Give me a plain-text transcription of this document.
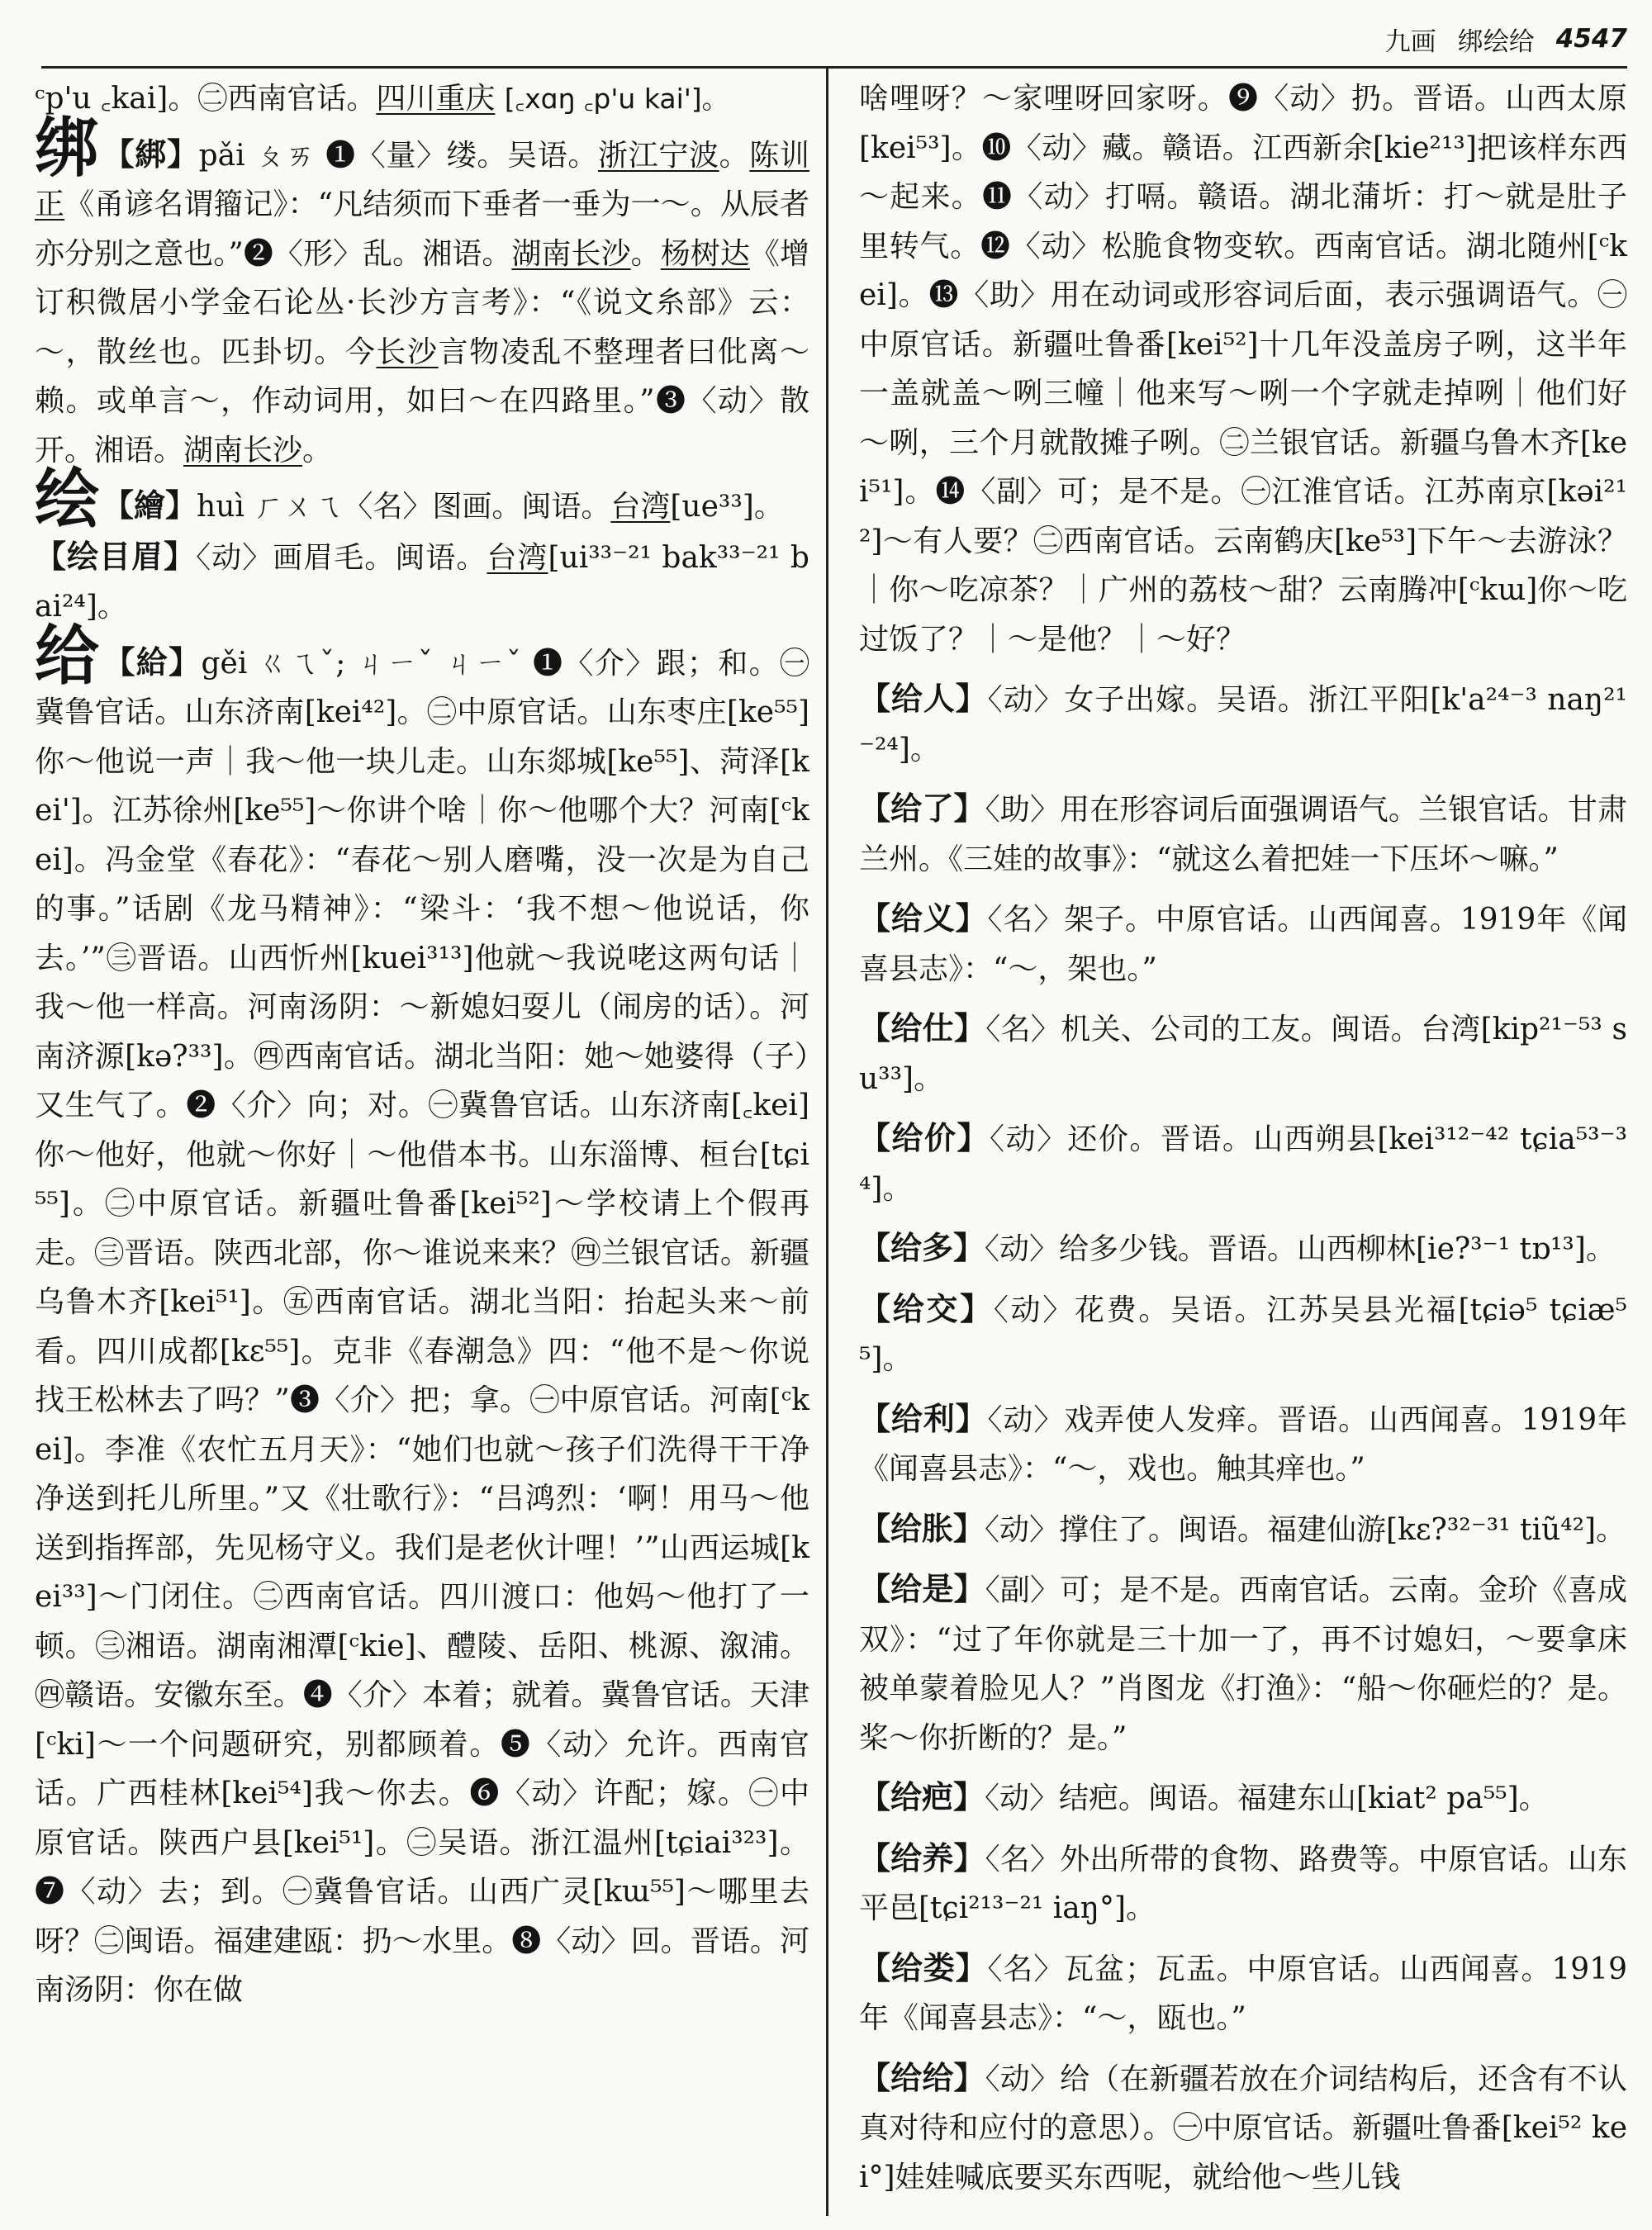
九画 绑绘给 4547

ᶜp'u ꜀kai]。㊁西南官话。四川重庆 [꜀xɑŋ ꜀p'u kai']。

绑 【綁】pǎi ㄆㄞ ❶〈量〉缕。吴语。浙江宁波。陈训正《甬谚名谓籀记》：“凡结须而下垂者一垂为一～。从辰者亦分别之意也。”❷〈形〉乱。湘语。湖南长沙。杨树达《增订积微居小学金石论丛·长沙方言考》：“《说文糸部》云：～，散丝也。匹卦切。今长沙言物凌乱不整理者曰仳离～赖。或单言～，作动词用，如曰～在四路里。”❸〈动〉散开。湘语。湖南长沙。

绘 【繪】huì ㄏㄨㄟ〈名〉图画。闽语。台湾[ue³³]。

【绘目眉】〈动〉画眉毛。闽语。台湾[ui³³⁻²¹ bak³³⁻²¹ bai²⁴]。

给 【給】gěi ㄍㄟˇ; ㄐㄧˇ ㄐㄧˇ ❶〈介〉跟；和。㊀冀鲁官话。山东济南[kei⁴²]。㊁中原官话。山东枣庄[ke⁵⁵]你～他说一声｜我～他一块儿走。山东郯城[ke⁵⁵]、菏泽[kei']。江苏徐州[ke⁵⁵]～你讲个啥｜你～他哪个大？河南[ᶜkei]。冯金堂《春花》：“春花～别人磨嘴，没一次是为自己的事。”话剧《龙马精神》：“梁斗：‘我不想～他说话，你去。’”㊂晋语。山西忻州[kuei³¹³]他就～我说咾这两句话｜我～他一样高。河南汤阴：～新媳妇耍儿（闹房的话）。河南济源[kə?³³]。㊃西南官话。湖北当阳：她～她婆得（子）又生气了。❷〈介〉向；对。㊀冀鲁官话。山东济南[꜀kei]你～他好，他就～你好｜～他借本书。山东淄博、桓台[tɕi⁵⁵]。㊁中原官话。新疆吐鲁番[kei⁵²]～学校请上个假再走。㊂晋语。陕西北部，你～谁说来来？㊃兰银官话。新疆乌鲁木齐[kei⁵¹]。㊄西南官话。湖北当阳：抬起头来～前看。四川成都[kɛ⁵⁵]。克非《春潮急》四：“他不是～你说找王松林去了吗？”❸〈介〉把；拿。㊀中原官话。河南[ᶜkei]。李准《农忙五月天》：“她们也就～孩子们洗得干干净净送到托儿所里。”又《壮歌行》：“吕鸿烈：‘啊！用马～他送到指挥部，先见杨守义。我们是老伙计哩！’”山西运城[kei³³]～门闭住。㊁西南官话。四川渡口：他妈～他打了一顿。㊂湘语。湖南湘潭[ᶜkie]、醴陵、岳阳、桃源、溆浦。㊃赣语。安徽东至。❹〈介〉本着；就着。冀鲁官话。天津[ᶜki]～一个问题研究，别都顾着。❺〈动〉允许。西南官话。广西桂林[kei⁵⁴]我～你去。❻〈动〉许配；嫁。㊀中原官话。陕西户县[kei⁵¹]。㊁吴语。浙江温州[tɕiai³²³]。❼〈动〉去；到。㊀冀鲁官话。山西广灵[kɯ⁵⁵]～哪里去呀？㊁闽语。福建建瓯：扔～水里。❽〈动〉回。晋语。河南汤阴：你在做

啥哩呀？～家哩呀回家呀。❾〈动〉扔。晋语。山西太原[kei⁵³]。❿〈动〉藏。赣语。江西新余[kie²¹³]把该样东西～起来。⓫〈动〉打嗝。赣语。湖北蒲圻：打～就是肚子里转气。⓬〈动〉松脆食物变软。西南官话。湖北随州[ᶜkei]。⓭〈助〉用在动词或形容词后面，表示强调语气。㊀中原官话。新疆吐鲁番[kei⁵²]十几年没盖房子咧，这半年一盖就盖～咧三幢｜他来写～咧一个字就走掉咧｜他们好～咧，三个月就散摊子咧。㊁兰银官话。新疆乌鲁木齐[kei⁵¹]。⓮〈副〉可；是不是。㊀江淮官话。江苏南京[kəi²¹²]～有人要？㊁西南官话。云南鹤庆[ke⁵³]下午～去游泳？｜你～吃凉茶？｜广州的荔枝～甜？云南腾冲[ᶜkɯ]你～吃过饭了？｜～是他？｜～好？

【给人】〈动〉女子出嫁。吴语。浙江平阳[k'a²⁴⁻³ naŋ²¹⁻²⁴]。

【给了】〈助〉用在形容词后面强调语气。兰银官话。甘肃兰州。《三娃的故事》：“就这么着把娃一下压坏～嘛。”

【给义】〈名〉架子。中原官话。山西闻喜。1919年《闻喜县志》：“～，架也。”

【给仕】〈名〉机关、公司的工友。闽语。台湾[kip²¹⁻⁵³ su³³]。

【给价】〈动〉还价。晋语。山西朔县[kei³¹²⁻⁴² tɕia⁵³⁻³⁴]。

【给多】〈动〉给多少钱。晋语。山西柳林[ie?³⁻¹ tɒ¹³]。

【给交】〈动〉花费。吴语。江苏吴县光福[tɕiə⁵ tɕiæ⁵⁵]。

【给利】〈动〉戏弄使人发痒。晋语。山西闻喜。1919年《闻喜县志》：“～，戏也。触其痒也。”

【给胀】〈动〉撑住了。闽语。福建仙游[kɛ?³²⁻³¹ tiũ⁴²]。

【给是】〈副〉可；是不是。西南官话。云南。金玠《喜成双》：“过了年你就是三十加一了，再不讨媳妇，～要拿床被单蒙着脸见人？”肖图龙《打渔》：“船～你砸烂的？是。桨～你折断的？是。”

【给疤】〈动〉结疤。闽语。福建东山[kiat² pa⁵⁵]。

【给养】〈名〉外出所带的食物、路费等。中原官话。山东平邑[tɕi²¹³⁻²¹ iaŋ°]。

【给娄】〈名〉瓦盆；瓦盂。中原官话。山西闻喜。1919年《闻喜县志》：“～，瓯也。”

【给给】〈动〉给（在新疆若放在介词结构后，还含有不认真对待和应付的意思）。㊀中原官话。新疆吐鲁番[kei⁵² kei°]娃娃喊底要买东西呢，就给他～些儿钱
